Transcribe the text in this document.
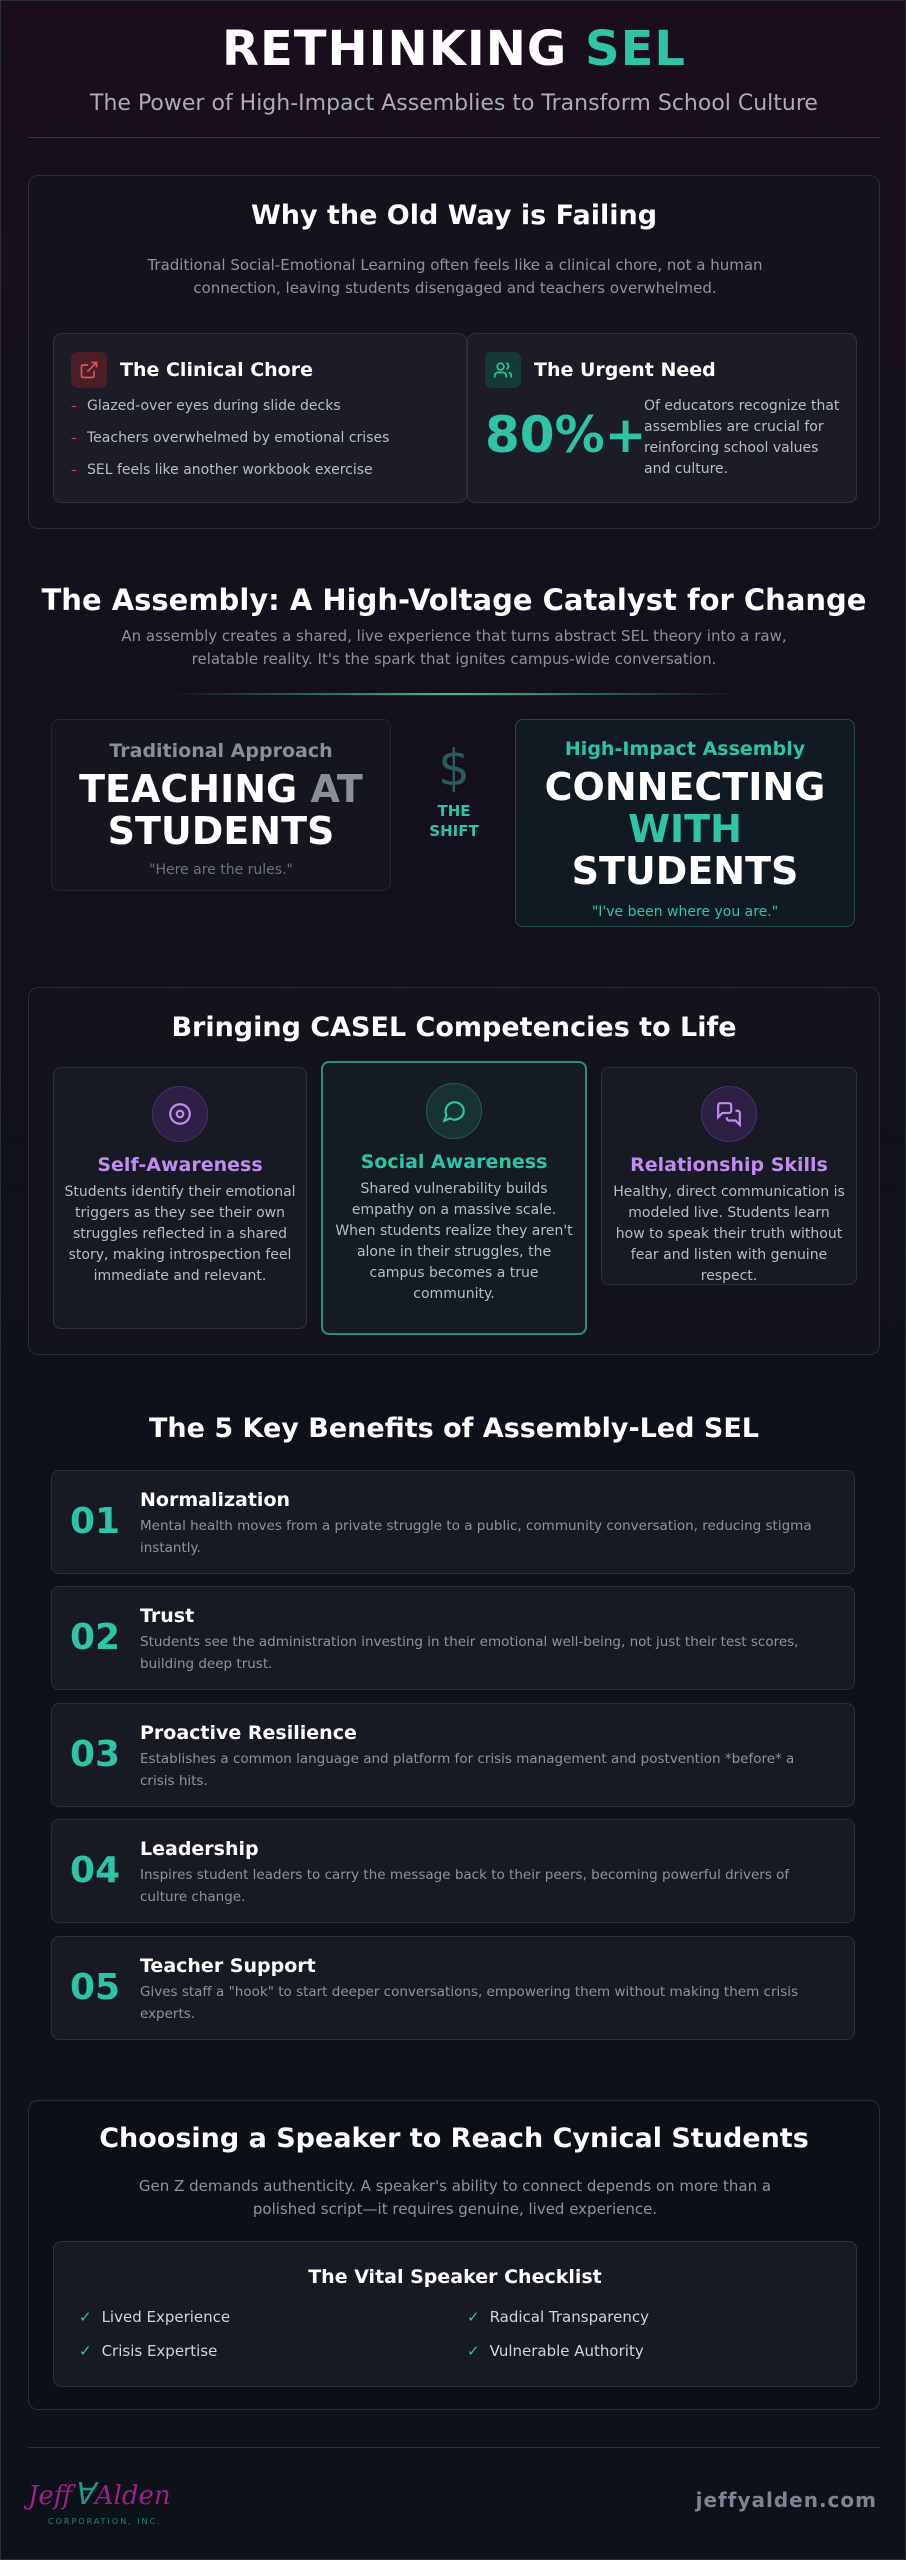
RETHINKING SEL
The Power of High-Impact Assemblies to Transform School Culture
Why the Old Way is Failing
Traditional Social-Emotional Learning often feels like a clinical chore, not a human connection, leaving students disengaged and teachers overwhelmed.
The Clinical Chore
– Glazed-over eyes during slide decks
– Teachers overwhelmed by emotional crises
– SEL feels like another workbook exercise
The Urgent Need
80%+
Of educators recognize that assemblies are crucial for reinforcing school values and culture.
The Assembly: A High-Voltage Catalyst for Change
An assembly creates a shared, live experience that turns abstract SEL theory into a raw, relatable reality. It's the spark that ignites campus-wide conversation.
Traditional Approach
TEACHING AT
STUDENTS
"Here are the rules."
$
THE SHIFT
High-Impact Assembly
CONNECTING
WITH
STUDENTS
"I've been where you are."
Bringing CASEL Competencies to Life
Self-Awareness
Students identify their emotional triggers as they see their own struggles reflected in a shared story, making introspection feel immediate and relevant.
Social Awareness
Shared vulnerability builds empathy on a massive scale. When students realize they aren't alone in their struggles, the campus becomes a true community.
Relationship Skills
Healthy, direct communication is modeled live. Students learn how to speak their truth without fear and listen with genuine respect.
The 5 Key Benefits of Assembly-Led SEL
01
Normalization
Mental health moves from a private struggle to a public, community conversation, reducing stigma instantly.
02
Trust
Students see the administration investing in their emotional well-being, not just their test scores, building deep trust.
03
Proactive Resilience
Establishes a common language and platform for crisis management and postvention *before* a crisis hits.
04
Leadership
Inspires student leaders to carry the message back to their peers, becoming powerful drivers of culture change.
05
Teacher Support
Gives staff a "hook" to start deeper conversations, empowering them without making them crisis experts.
Choosing a Speaker to Reach Cynical Students
Gen Z demands authenticity. A speaker's ability to connect depends on more than a polished script—it requires genuine, lived experience.
The Vital Speaker Checklist
✓ Lived Experience	✓ Radical Transparency
✓ Crisis Expertise	✓ Vulnerable Authority
JeffꓯAlden
CORPORATION, INC.
jeffyalden.com
